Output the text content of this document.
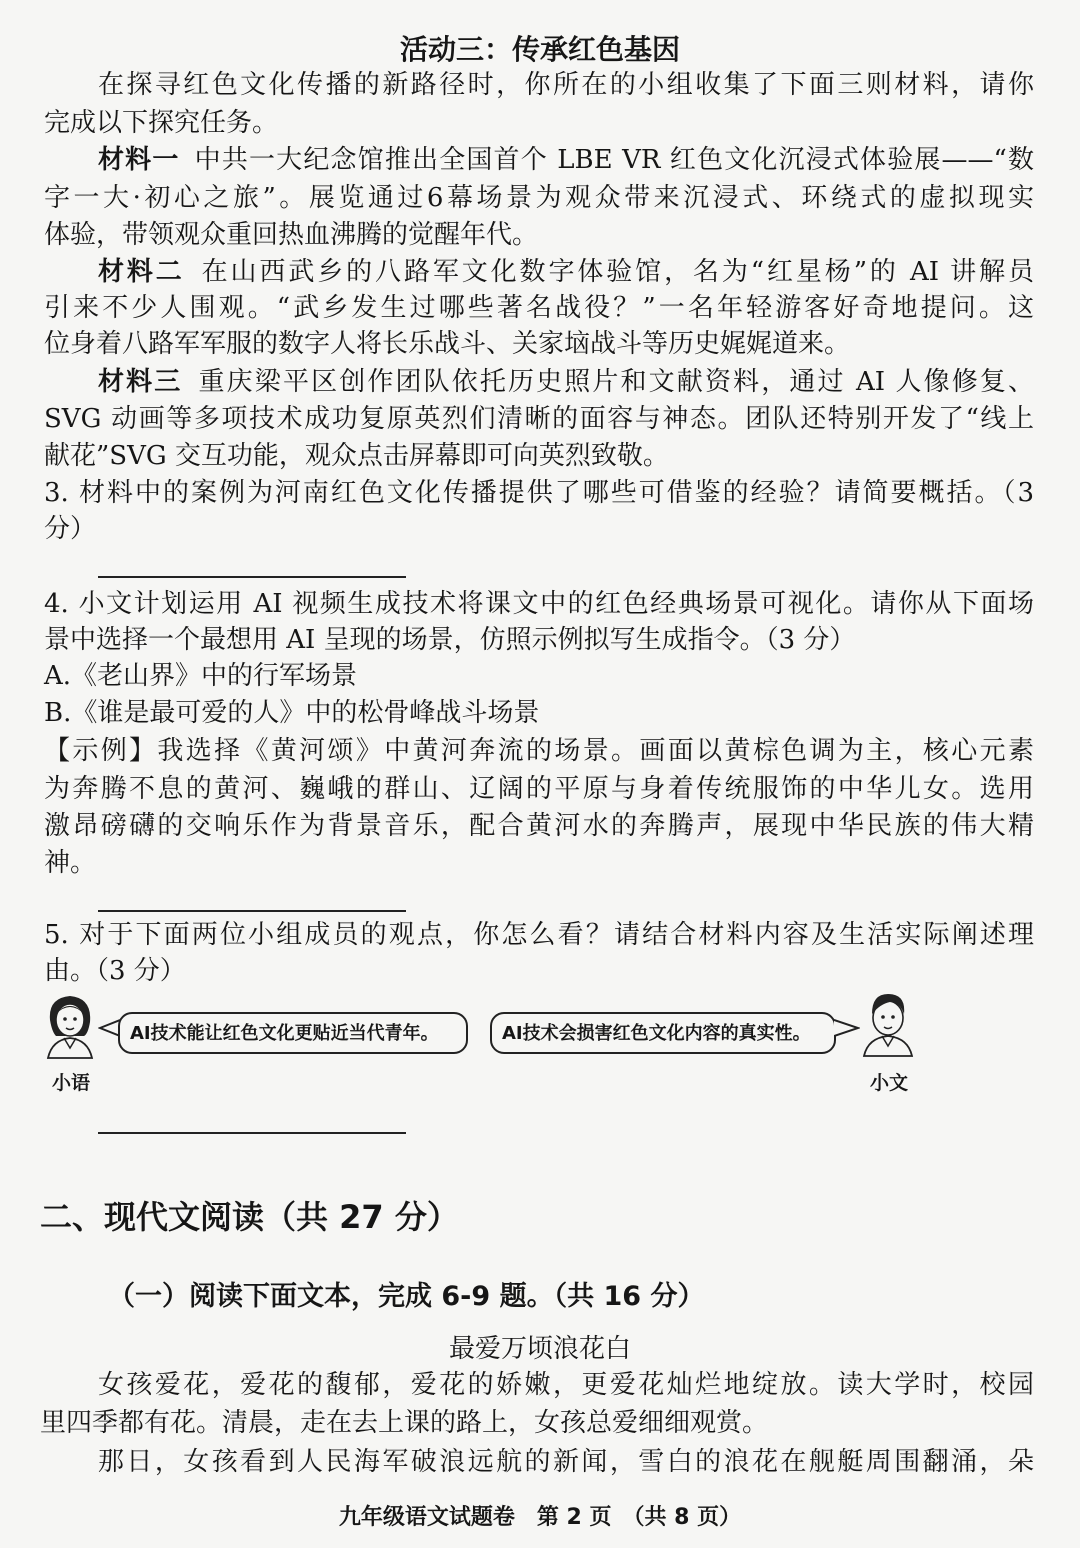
活动三：传承红色基因
在探寻红色文化传播的新路径时，你所在的小组收集了下面三则材料，请你
完成以下探究任务。
材料一 中共一大纪念馆推出全国首个 LBE VR 红色文化沉浸式体验展——“数
字一大·初心之旅”。展览通过6幕场景为观众带来沉浸式、环绕式的虚拟现实
体验，带领观众重回热血沸腾的觉醒年代。
材料二 在山西武乡的八路军文化数字体验馆，名为“红星杨”的 AI 讲解员
引来不少人围观。“武乡发生过哪些著名战役？”一名年轻游客好奇地提问。这
位身着八路军军服的数字人将长乐战斗、关家垴战斗等历史娓娓道来。
材料三 重庆梁平区创作团队依托历史照片和文献资料，通过 AI 人像修复、
SVG 动画等多项技术成功复原英烈们清晰的面容与神态。团队还特别开发了“线上
献花”SVG 交互功能，观众点击屏幕即可向英烈致敬。
3. 材料中的案例为河南红色文化传播提供了哪些可借鉴的经验？请简要概括。（3
分）
4. 小文计划运用 AI 视频生成技术将课文中的红色经典场景可视化。请你从下面场
景中选择一个最想用 AI 呈现的场景，仿照示例拟写生成指令。（3 分）
A.《老山界》中的行军场景
B.《谁是最可爱的人》中的松骨峰战斗场景
【示例】我选择《黄河颂》中黄河奔流的场景。画面以黄棕色调为主，核心元素
为奔腾不息的黄河、巍峨的群山、辽阔的平原与身着传统服饰的中华儿女。选用
激昂磅礴的交响乐作为背景音乐，配合黄河水的奔腾声，展现中华民族的伟大精
神。
5. 对于下面两位小组成员的观点，你怎么看？请结合材料内容及生活实际阐述理
由。（3 分）
AI技术能让红色文化更贴近当代青年。
小语
AI技术会损害红色文化内容的真实性。
小文
二、现代文阅读（共 27 分）
（一）阅读下面文本，完成 6-9 题。（共 16 分）
最爱万顷浪花白
女孩爱花，爱花的馥郁，爱花的娇嫩，更爱花灿烂地绽放。读大学时，校园
里四季都有花。清晨，走在去上课的路上，女孩总爱细细观赏。
那日，女孩看到人民海军破浪远航的新闻，雪白的浪花在舰艇周围翻涌，朵
九年级语文试题卷　第 2 页　（共 8 页）
